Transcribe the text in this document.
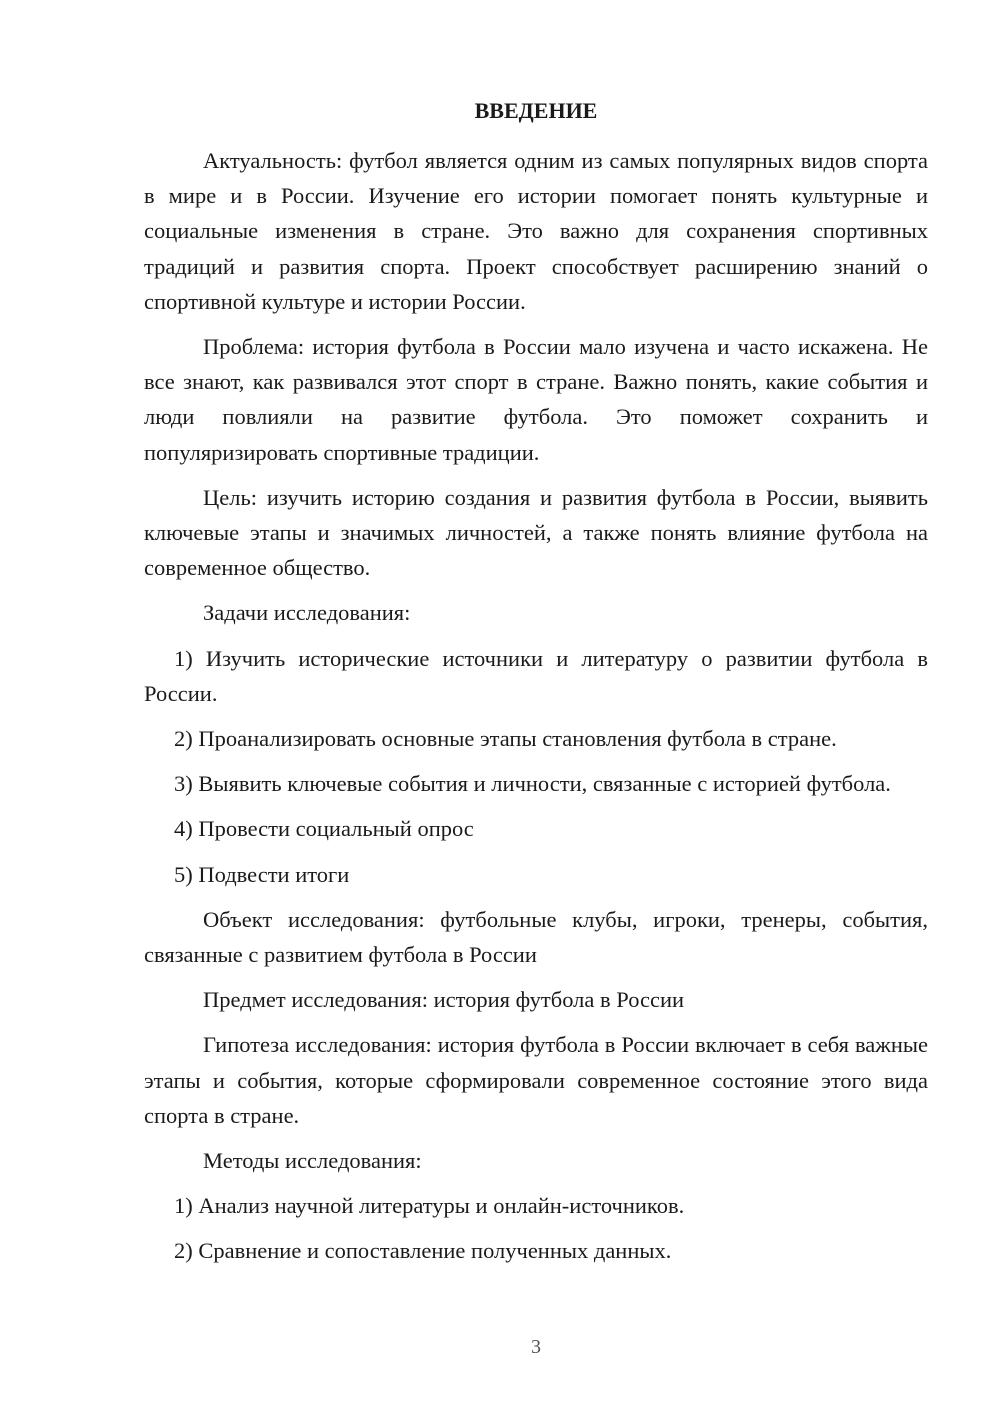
ВВЕДЕНИЕ

Актуальность: футбол является одним из самых популярных видов спорта в мире и в России. Изучение его истории помогает понять культурные и социальные изменения в стране. Это важно для сохранения спортивных традиций и развития спорта. Проект способствует расширению знаний о спортивной культуре и истории России.

Проблема: история футбола в России мало изучена и часто искажена. Не все знают, как развивался этот спорт в стране. Важно понять, какие события и люди повлияли на развитие футбола. Это поможет сохранить и популяризировать спортивные традиции.

Цель: изучить историю создания и развития футбола в России, выявить ключевые этапы и значимых личностей, а также понять влияние футбола на современное общество.

Задачи исследования:

1) Изучить исторические источники и литературу о развитии футбола в России.

2) Проанализировать основные этапы становления футбола в стране.

3) Выявить ключевые события и личности, связанные с историей футбола.

4) Провести социальный опрос

5) Подвести итоги

Объект исследования: футбольные клубы, игроки, тренеры, события, связанные с развитием футбола в России

Предмет исследования: история футбола в России

Гипотеза исследования: история футбола в России включает в себя важные этапы и события, которые сформировали современное состояние этого вида спорта в стране.

Методы исследования:

1) Анализ научной литературы и онлайн-источников.

2) Сравнение и сопоставление полученных данных.

3
